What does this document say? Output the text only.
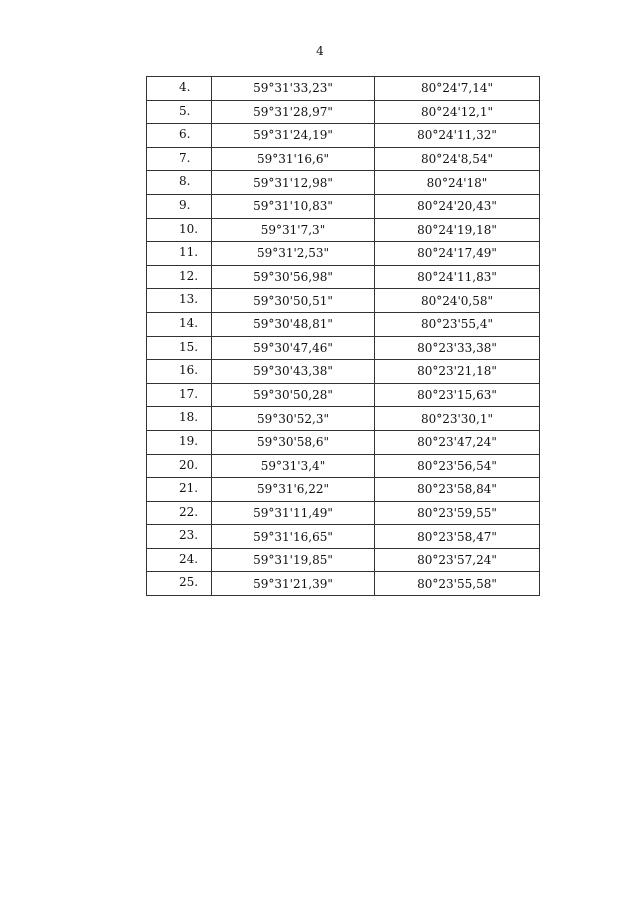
4
4.	59°31'33,23"	80°24'7,14"
5.	59°31'28,97"	80°24'12,1"
6.	59°31'24,19"	80°24'11,32"
7.	59°31'16,6"	80°24'8,54"
8.	59°31'12,98"	80°24'18"
9.	59°31'10,83"	80°24'20,43"
10.	59°31'7,3"	80°24'19,18"
11.	59°31'2,53"	80°24'17,49"
12.	59°30'56,98"	80°24'11,83"
13.	59°30'50,51"	80°24'0,58"
14.	59°30'48,81"	80°23'55,4"
15.	59°30'47,46"	80°23'33,38"
16.	59°30'43,38"	80°23'21,18"
17.	59°30'50,28"	80°23'15,63"
18.	59°30'52,3"	80°23'30,1"
19.	59°30'58,6"	80°23'47,24"
20.	59°31'3,4"	80°23'56,54"
21.	59°31'6,22"	80°23'58,84"
22.	59°31'11,49"	80°23'59,55"
23.	59°31'16,65"	80°23'58,47"
24.	59°31'19,85"	80°23'57,24"
25.	59°31'21,39"	80°23'55,58"
